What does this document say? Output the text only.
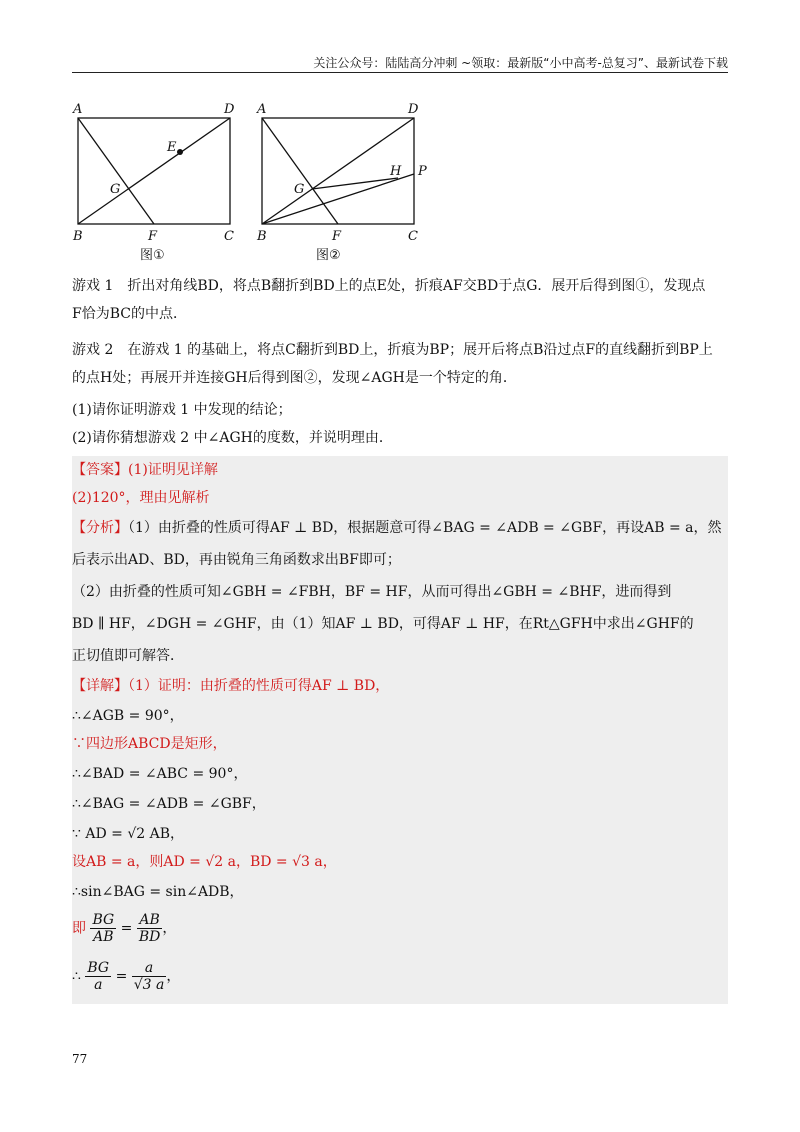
关注公众号：陆陆高分冲刺 ~领取：最新版“小中高考-总复习”、最新试卷下载
A	D
B	C
F
E
G
A	D
B	C
F
G
H P
图①	图②
游戏 1　折出对角线BD，将点B翻折到BD上的点E处，折痕AF交BD于点G．展开后得到图①，发现点
F恰为BC的中点．
游戏 2　在游戏 1 的基础上，将点C翻折到BD上，折痕为BP；展开后将点B沿过点F的直线翻折到BP上
的点H处；再展开并连接GH后得到图②，发现∠AGH是一个特定的角．
(1)请你证明游戏 1 中发现的结论；
(2)请你猜想游戏 2 中∠AGH的度数，并说明理由．
【答案】(1)证明见详解
(2)120°，理由见解析
【分析】（1）由折叠的性质可得AF ⊥ BD，根据题意可得∠BAG = ∠ADB = ∠GBF，再设AB = a，然
后表示出AD、BD，再由锐角三角函数求出BF即可；
（2）由折叠的性质可知∠GBH = ∠FBH，BF = HF，从而可得出∠GBH = ∠BHF，进而得到
BD ∥ HF，∠DGH = ∠GHF，由（1）知AF ⊥ BD，可得AF ⊥ HF，在Rt△GFH中求出∠GHF的
正切值即可解答．
【详解】（1）证明：由折叠的性质可得AF ⊥ BD，
∴∠AGB = 90°，
∵四边形ABCD是矩形，
∴∠BAD = ∠ABC = 90°，
∴∠BAG = ∠ADB = ∠GBF，
∵ AD = √2 AB，
设AB = a，则AD = √2 a，BD = √3 a，
∴sin∠BAG = sin∠ADB，
即 $\frac{BG}{AB} = \frac{AB}{BD}$ ，
∴ $\frac{BG}{a} = \frac{a}{√3 a}$ ，
77
